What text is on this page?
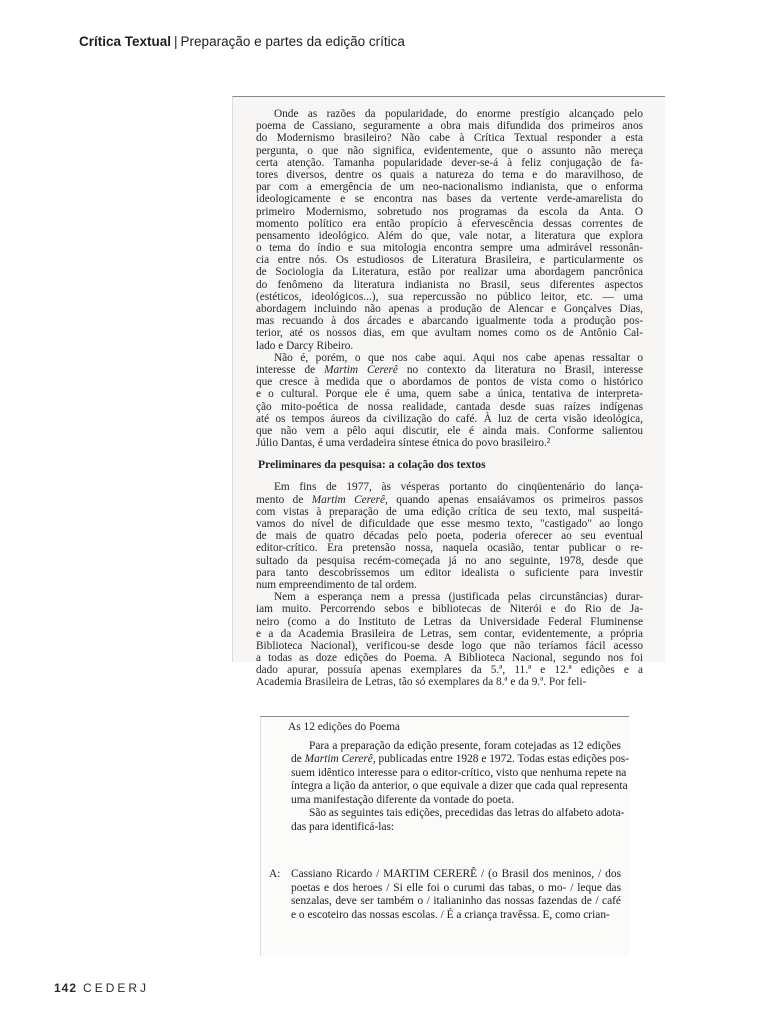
Crítica Textual | Preparação e partes da edição crítica
Onde as razões da popularidade, do enorme prestígio alcançado pelo
poema de Cassiano, seguramente a obra mais difundida dos primeiros anos
do Modernismo brasileiro? Não cabe à Crítica Textual responder a esta
pergunta, o que não significa, evidentemente, que o assunto não mereça
certa atenção. Tamanha popularidade dever-se-á à feliz conjugação de fa-
tores diversos, dentre os quais a natureza do tema e do maravilhoso, de
par com a emergência de um neo-nacionalismo indianista, que o enforma
ideologicamente e se encontra nas bases da vertente verde-amarelista do
primeiro Modernismo, sobretudo nos programas da escola da Anta. O
momento político era então propício à efervescência dessas correntes de
pensamento ideológico. Além do que, vale notar, a literatura que explora
o tema do índio e sua mitologia encontra sempre uma admirável ressonân-
cia entre nós. Os estudiosos de Literatura Brasileira, e particularmente os
de Sociologia da Literatura, estão por realizar uma abordagem pancrônica
do fenômeno da literatura indianista no Brasil, seus diferentes aspectos
(estéticos, ideológicos...), sua repercussão no público leitor, etc. — uma
abordagem incluindo não apenas a produção de Alencar e Gonçalves Dias,
mas recuando à dos árcades e abarcando igualmente toda a produção pos-
terior, até os nossos dias, em que avultam nomes como os de Antônio Cal-
lado e Darcy Ribeiro.
Não é, porém, o que nos cabe aqui. Aqui nos cabe apenas ressaltar o
interesse de Martim Cererê no contexto da literatura no Brasil, interesse
que cresce à medida que o abordamos de pontos de vista como o histórico
e o cultural. Porque ele é uma, quem sabe a única, tentativa de interpreta-
ção mito-poética de nossa realidade, cantada desde suas raízes indígenas
até os tempos áureos da civilização do café. À luz de certa visão ideológica,
que não vem a pêlo aqui discutir, ele é ainda mais. Conforme salientou
Júlio Dantas, é uma verdadeira síntese étnica do povo brasileiro.²
Preliminares da pesquisa: a colação dos textos
Em fins de 1977, às vésperas portanto do cinqüentenário do lança-
mento de Martim Cererê, quando apenas ensaiávamos os primeiros passos
com vistas à preparação de uma edição crítica de seu texto, mal suspeitá-
vamos do nível de dificuldade que esse mesmo texto, "castigado" ao longo
de mais de quatro décadas pelo poeta, poderia oferecer ao seu eventual
editor-crítico. Era pretensão nossa, naquela ocasião, tentar publicar o re-
sultado da pesquisa recém-começada já no ano seguinte, 1978, desde que
para tanto descobríssemos um editor idealista o suficiente para investir
num empreendimento de tal ordem.
Nem a esperança nem a pressa (justificada pelas circunstâncias) durar-
iam muito. Percorrendo sebos e bibliotecas de Niterói e do Rio de Ja-
neiro (como a do Instituto de Letras da Universidade Federal Fluminense
e a da Academia Brasileira de Letras, sem contar, evidentemente, a própria
Biblioteca Nacional), verificou-se desde logo que não teríamos fácil acesso
a todas as doze edições do Poema. A Biblioteca Nacional, segundo nos foi
dado apurar, possuía apenas exemplares da 5.ª, 11.ª e 12.ª edições e a
Academia Brasileira de Letras, tão só exemplares da 8.ª e da 9.ª. Por feli-
As 12 edições do Poema
Para a preparação da edição presente, foram cotejadas as 12 edições
de Martim Cererê, publicadas entre 1928 e 1972. Todas estas edições pos-
suem idêntico interesse para o editor-crítico, visto que nenhuma repete na
íntegra a lição da anterior, o que equivale a dizer que cada qual representa
uma manifestação diferente da vontade do poeta.
São as seguintes tais edições, precedidas das letras do alfabeto adota-
das para identificá-las:
A: Cassiano Ricardo / MARTIM CERERÊ / (o Brasil dos meninos, / dos
poetas e dos heroes / Si elle foi o curumi das tabas, o mo- / leque das
senzalas, deve ser também o / italianinho das nossas fazendas de / café
e o escoteiro das nossas escolas. / É a criança travêssa. E, como crian-
142 CEDERJ
